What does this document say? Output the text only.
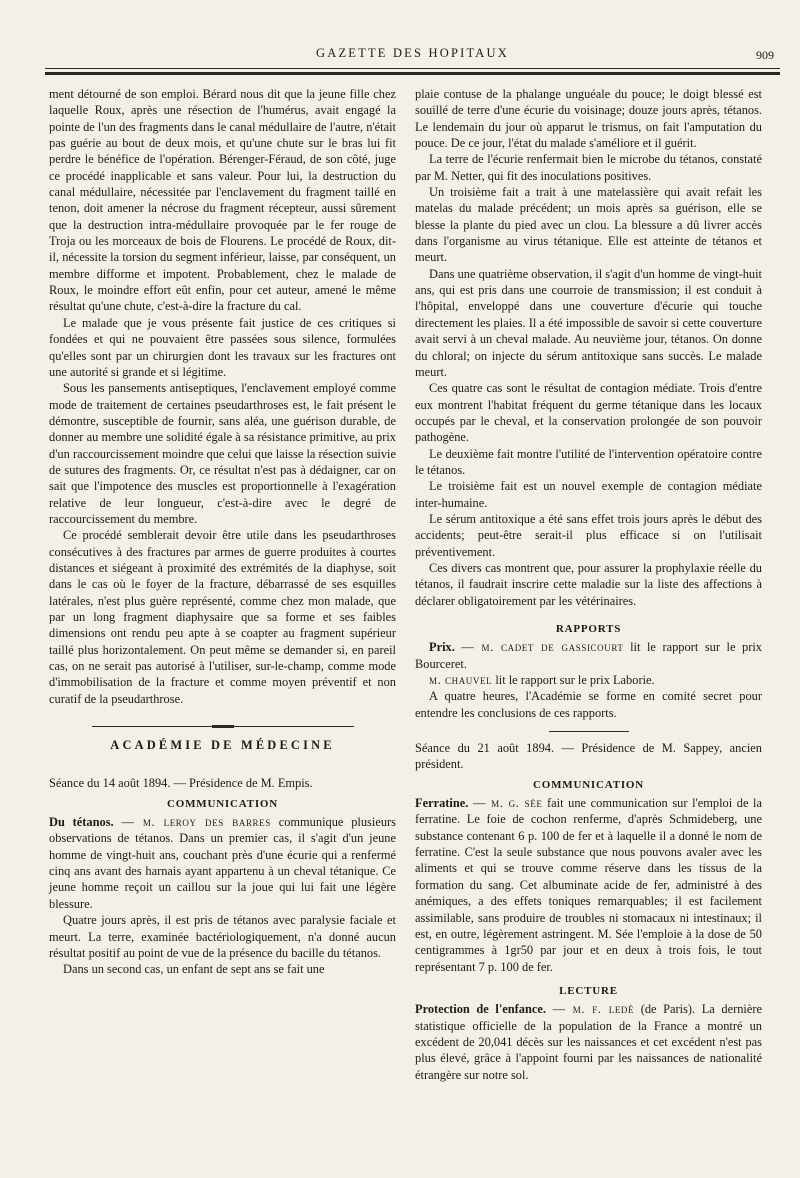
GAZETTE DES HOPITAUX	909

ment détourné de son emploi. Bérard nous dit que la jeune fille chez laquelle Roux, après une résection de l'humérus, avait engagé la pointe de l'un des fragments dans le canal médullaire de l'autre, n'était pas guérie au bout de deux mois, et qu'une chute sur le bras lui fit perdre le bénéfice de l'opération. Bérenger-Féraud, de son côté, juge ce procédé inapplicable et sans valeur. Pour lui, la destruction du canal médullaire, nécessitée par l'enclavement du fragment taillé en tenon, doit amener la nécrose du fragment récepteur, aussi sûrement que la destruction intra-médullaire provoquée par le fer rouge de Troja ou les morceaux de bois de Flourens. Le procédé de Roux, dit-il, nécessite la torsion du segment inférieur, laisse, par conséquent, un membre difforme et impotent. Probablement, chez le malade de Roux, le moindre effort eût enfin, pour cet auteur, amené le même résultat qu'une chute, c'est-à-dire la fracture du cal.

Le malade que je vous présente fait justice de ces critiques si fondées et qui ne pouvaient être passées sous silence, formulées qu'elles sont par un chirurgien dont les travaux sur les fractures ont une autorité si grande et si légitime.

Sous les pansements antiseptiques, l'enclavement employé comme mode de traitement de certaines pseudarthroses est, le fait présent le démontre, susceptible de fournir, sans aléa, une guérison durable, de donner au membre une solidité égale à sa résistance primitive, au prix d'un raccourcissement moindre que celui que laisse la résection suivie de sutures des fragments. Or, ce résultat n'est pas à dédaigner, car on sait que l'impotence des muscles est proportionnelle à l'exagération relative de leur longueur, c'est-à-dire avec le degré de raccourcissement du membre.

Ce procédé semblerait devoir être utile dans les pseudarthroses consécutives à des fractures par armes de guerre produites à courtes distances et siégeant à proximité des extrémités de la diaphyse, soit dans le cas où le foyer de la fracture, débarrassé de ses esquilles latérales, n'est plus guère représenté, comme chez mon malade, que par un long fragment diaphysaire que sa forme et ses faibles dimensions ont rendu peu apte à se coapter au fragment supérieur taillé plus horizontalement. On peut même se demander si, en pareil cas, on ne serait pas autorisé à l'utiliser, sur-le-champ, comme mode d'immobilisation de la fracture et comme moyen préventif et non curatif de la pseudarthrose.

ACADÉMIE DE MÉDECINE

Séance du 14 août 1894. — Présidence de M. Empis.

COMMUNICATION

Du tétanos. — m. leroy des barres communique plusieurs observations de tétanos. Dans un premier cas, il s'agit d'un jeune homme de vingt-huit ans, couchant près d'une écurie qui a renfermé cinq ans avant des harnais ayant appartenu à un cheval tétanique. Ce jeune homme reçoit un caillou sur la joue qui lui fait une légère blessure.

Quatre jours après, il est pris de tétanos avec paralysie faciale et meurt. La terre, examinée bactériologiquement, n'a donné aucun résultat positif au point de vue de la présence du bacille du tétanos.

Dans un second cas, un enfant de sept ans se fait une

plaie contuse de la phalange unguéale du pouce; le doigt blessé est souillé de terre d'une écurie du voisinage; douze jours après, tétanos. Le lendemain du jour où apparut le trismus, on fait l'amputation du pouce. De ce jour, l'état du malade s'améliore et il guérit.

La terre de l'écurie renfermait bien le microbe du tétanos, constaté par M. Netter, qui fit des inoculations positives.

Un troisième fait a trait à une matelassière qui avait refait les matelas du malade précédent; un mois après sa guérison, elle se blesse la plante du pied avec un clou. La blessure a dû livrer accès dans l'organisme au virus tétanique. Elle est atteinte de tétanos et meurt.

Dans une quatrième observation, il s'agit d'un homme de vingt-huit ans, qui est pris dans une courroie de transmission; il est conduit à l'hôpital, enveloppé dans une couverture d'écurie qui touche directement les plaies. Il a été impossible de savoir si cette couverture avait servi à un cheval malade. Au neuvième jour, tétanos. On donne du chloral; on injecte du sérum antitoxique sans succès. Le malade meurt.

Ces quatre cas sont le résultat de contagion médiate. Trois d'entre eux montrent l'habitat fréquent du germe tétanique dans les locaux occupés par le cheval, et la conservation prolongée de son pouvoir pathogène.

Le deuxième fait montre l'utilité de l'intervention opératoire contre le tétanos.

Le troisième fait est un nouvel exemple de contagion médiate inter-humaine.

Le sérum antitoxique a été sans effet trois jours après le début des accidents; peut-être serait-il plus efficace si on l'utilisait préventivement.

Ces divers cas montrent que, pour assurer la prophylaxie réelle du tétanos, il faudrait inscrire cette maladie sur la liste des affections à déclarer obligatoirement par les vétérinaires.

RAPPORTS

Prix. — m. cadet de gassicourt lit le rapport sur le prix Bourceret.

m. chauvel lit le rapport sur le prix Laborie.

A quatre heures, l'Académie se forme en comité secret pour entendre les conclusions de ces rapports.

Séance du 21 août 1894. — Présidence de M. Sappey, ancien président.

COMMUNICATION

Ferratine. — m. g. sée fait une communication sur l'emploi de la ferratine. Le foie de cochon renferme, d'après Schmideberg, une substance contenant 6 p. 100 de fer et à laquelle il a donné le nom de ferratine. C'est la seule substance que nous pouvons avaler avec les aliments et qui se trouve comme réserve dans les tissus de la formation du sang. Cet albuminate acide de fer, administré à des anémiques, a des effets toniques remarquables; il est facilement assimilable, sans produire de troubles ni stomacaux ni intestinaux; il est, en outre, légèrement astringent. M. Sée l'emploie à la dose de 50 centigrammes à 1gr50 par jour et en deux à trois fois, le tout représentant 7 p. 100 de fer.

LECTURE

Protection de l'enfance. — m. f. ledé (de Paris). La dernière statistique officielle de la population de la France a montré un excédent de 20,041 décès sur les naissances et cet excédent n'est pas plus élevé, grâce à l'appoint fourni par les naissances de nationalité étrangère sur notre sol.
